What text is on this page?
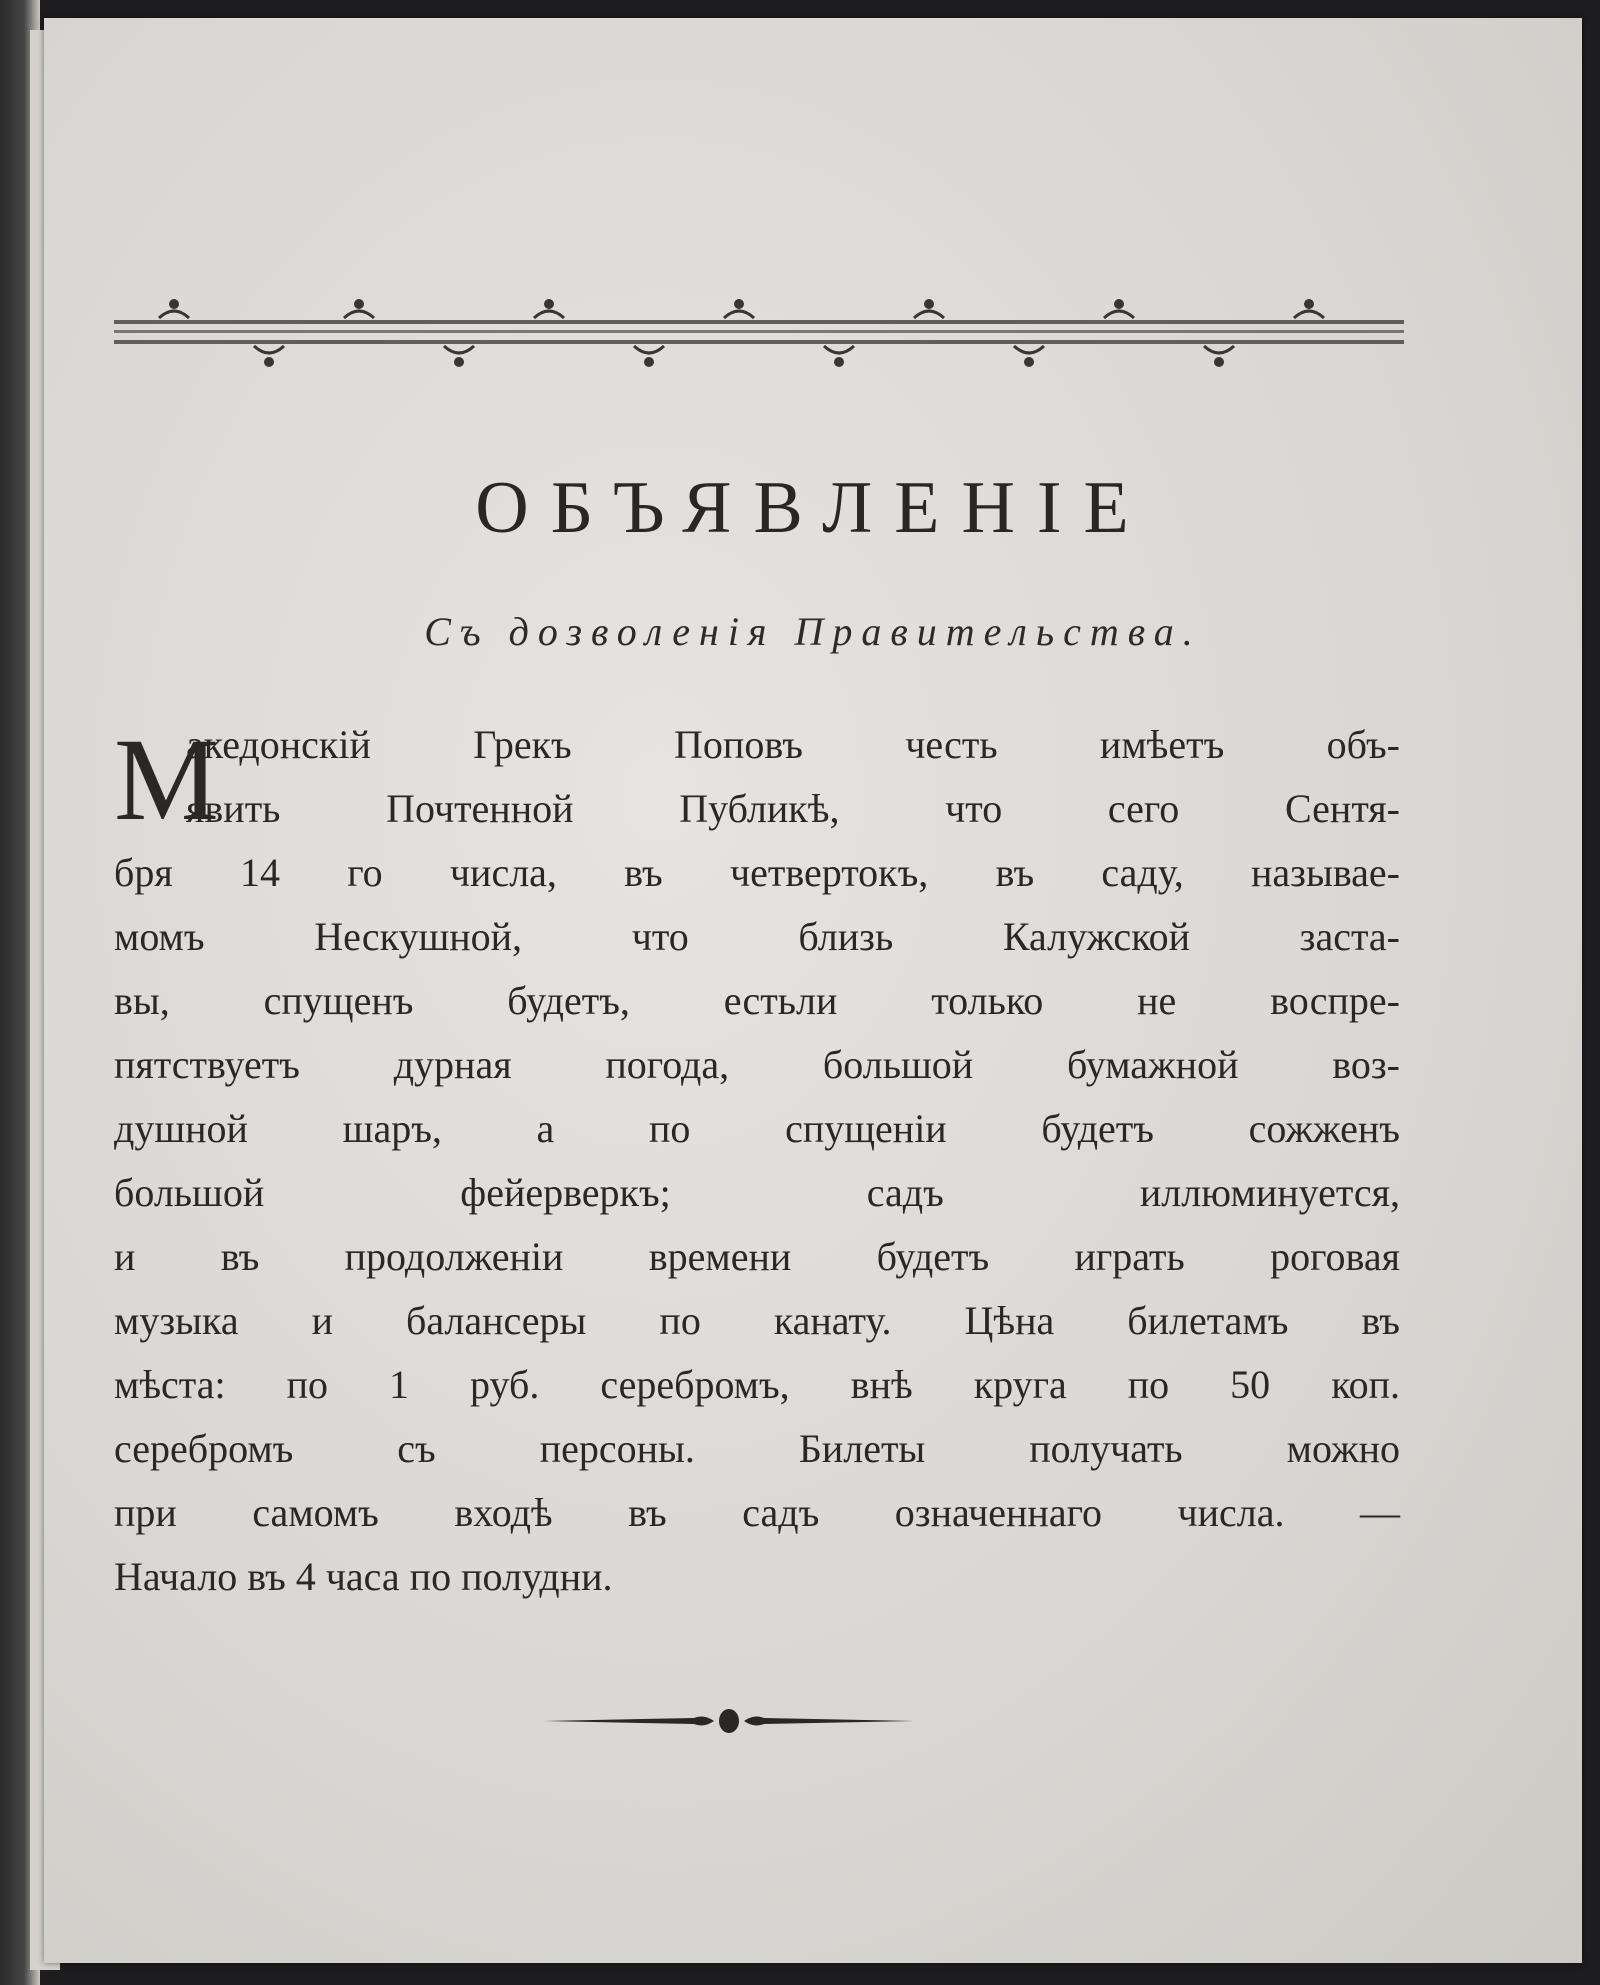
ОБЪЯВЛЕНІЕ
Съ дозволенія Правительства.
М
акедонскій Грекъ Поповъ честь имѣетъ объ-
явить Почтенной Публикѣ, что сего Сентя-
бря 14 го числа, въ четвертокъ, въ саду, называе-
момъ Нескушной, что близь Калужской заста-
вы, спущенъ будетъ, естьли только не воспре-
пятствуетъ дурная погода, большой бумажной воз-
душной шаръ, а по спущеніи будетъ сожженъ
большой фейерверкъ; садъ иллюминуется,
и въ продолженіи времени будетъ играть роговая
музыка и балансеры по канату. Цѣна билетамъ въ
мѣста: по 1 руб. серебромъ, внѣ круга по 50 коп.
серебромъ съ персоны. Билеты получать можно
при самомъ входѣ въ садъ означеннаго числа. —
Начало въ 4 часа по полудни.
